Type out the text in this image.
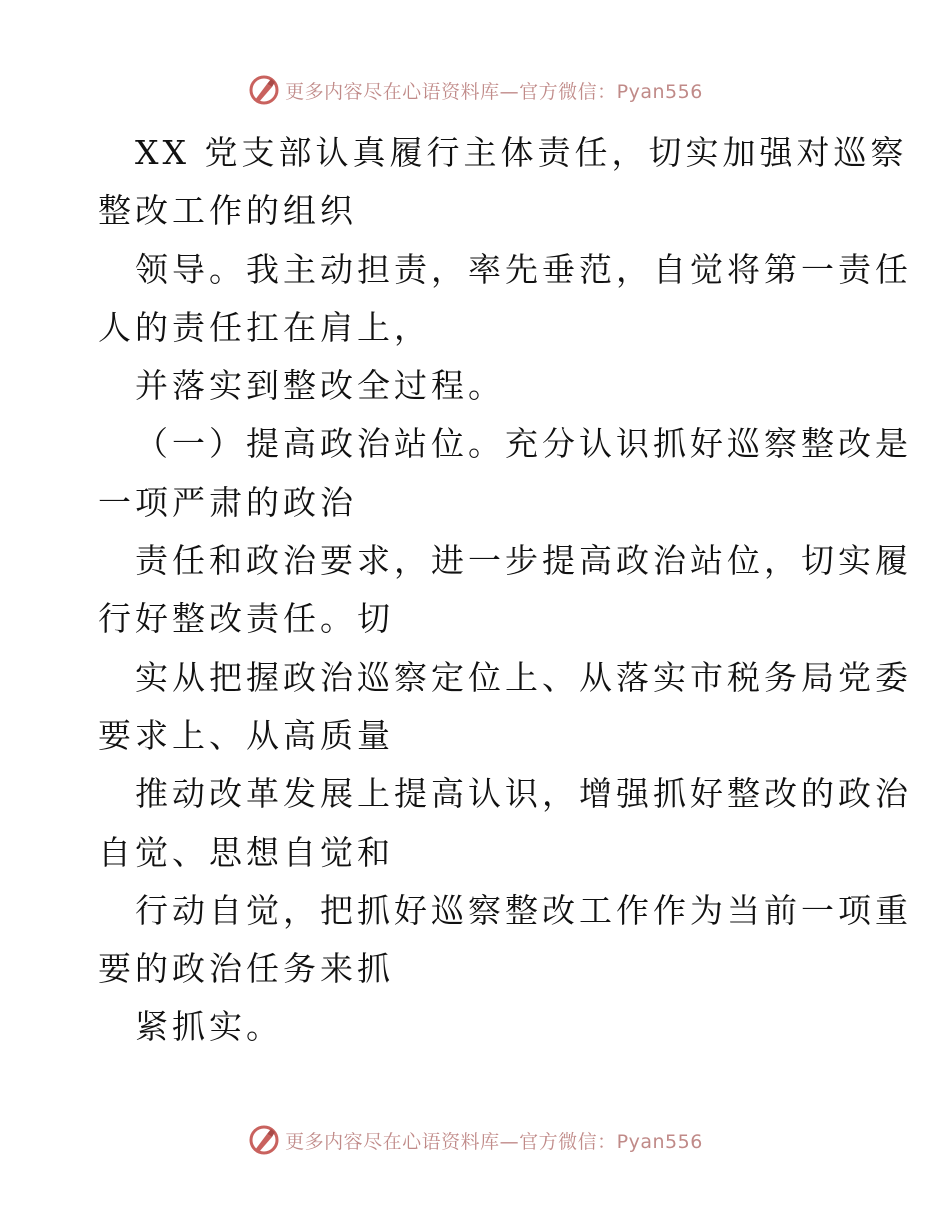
更多内容尽在心语资料库—官方微信：Pyan556
XX 党支部认真履行主体责任，切实加强对巡察
整改工作的组织
领导。我主动担责，率先垂范，自觉将第一责任
人的责任扛在肩上，
并落实到整改全过程。
（一）提高政治站位。充分认识抓好巡察整改是
一项严肃的政治
责任和政治要求，进一步提高政治站位，切实履
行好整改责任。切
实从把握政治巡察定位上、从落实市税务局党委
要求上、从高质量
推动改革发展上提高认识，增强抓好整改的政治
自觉、思想自觉和
行动自觉，把抓好巡察整改工作作为当前一项重
要的政治任务来抓
紧抓实。
更多内容尽在心语资料库—官方微信：Pyan556
